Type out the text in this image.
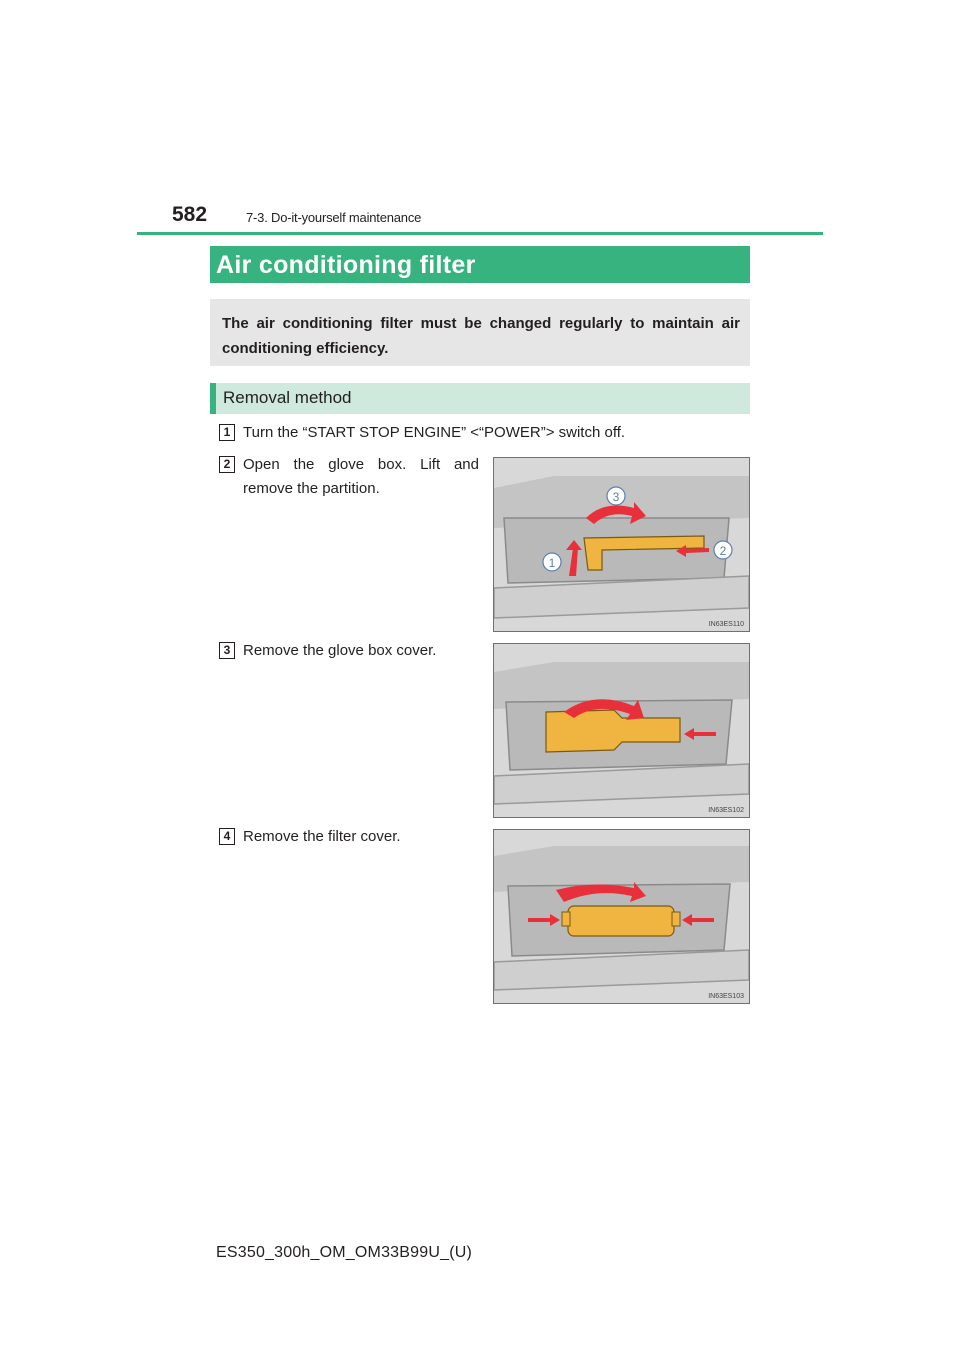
582	7-3. Do-it-yourself maintenance
Air conditioning filter
The air conditioning filter must be changed regularly to maintain air conditioning efficiency.
Removal method
1 Turn the “START STOP ENGINE” <“POWER”> switch off.
2 Open the glove box. Lift and remove the partition.
1
2
3
IN63ES110
3 Remove the glove box cover.
IN63ES102
4 Remove the filter cover.
IN63ES103
ES350_300h_OM_OM33B99U_(U)
